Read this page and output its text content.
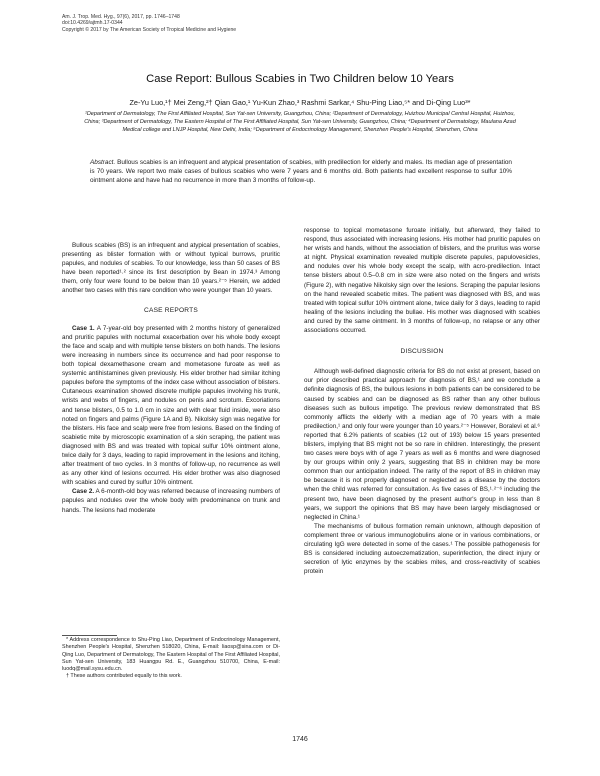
Am. J. Trop. Med. Hyg., 97(6), 2017, pp. 1746–1748
doi:10.4269/ajtmh.17-0344
Copyright © 2017 by The American Society of Tropical Medicine and Hygiene
Case Report: Bullous Scabies in Two Children below 10 Years
Ze-Yu Luo,¹† Mei Zeng,²† Qian Gao,¹ Yu-Kun Zhao,³ Rashmi Sarkar,⁴ Shu-Ping Liao,⁵* and Di-Qing Luo³*
¹Department of Dermatology, The First Affiliated Hospital, Sun Yat-sen University, Guangzhou, China; ²Department of Dermatology, Huizhou Municipal Central Hospital, Huizhou, China; ³Department of Dermatology, The Eastern Hospital of The First Affiliated Hospital, Sun Yat-sen University, Guangzhou, China; ⁴Department of Dermatology, Maulana Azad Medical college and LNJP Hospital, New Delhi, India; ⁵Department of Endocrinology Management, Shenzhen People's Hospital, Shenzhen, China
Abstract. Bullous scabies is an infrequent and atypical presentation of scabies, with predilection for elderly and males. Its median age of presentation is 70 years. We report two male cases of bullous scabies who were 7 years and 6 months old. Both patients had excellent response to sulfur 10% ointment alone and have had no recurrence in more than 3 months of follow-up.

Bullous scabies (BS) is an infrequent and atypical presentation of scabies, presenting as blister formation with or without typical burrows, pruritic papules, and nodules of scabies. To our knowledge, less than 50 cases of BS have been reported¹˒² since its first description by Bean in 1974.³ Among them, only four were found to be below than 10 years.²⁻⁵ Herein, we added another two cases with this rare condition who were younger than 10 years.

CASE REPORTS

Case 1. A 7-year-old boy presented with 2 months history of generalized and pruritic papules with nocturnal exacerbation over his whole body except the face and scalp and with multiple tense blisters on both hands. The lesions were increasing in numbers since its occurrence and had poor response to both topical dexamethasone cream and mometasone furoate as well as systemic antihistamines given previously. His elder brother had similar itching papules before the symptoms of the index case without association of blisters. Cutaneous examination showed discrete multiple papules involving his trunk, wrists and webs of fingers, and nodules on penis and scrotum. Excoriations and tense blisters, 0.5 to 1.0 cm in size and with clear fluid inside, were also noted on fingers and palms (Figure 1A and B). Nikolsky sign was negative for the blisters. His face and scalp were free from lesions. Based on the finding of scabietic mite by microscopic examination of a skin scraping, the patient was diagnosed with BS and was treated with topical sulfur 10% ointment alone, twice daily for 3 days, leading to rapid improvement in the lesions and itching, after treatment of two cycles. In 3 months of follow-up, no recurrence as well as any other kind of lesions occurred. His elder brother was also diagnosed with scabies and cured by sulfur 10% ointment.

Case 2. A 6-month-old boy was referred because of increasing numbers of papules and nodules over the whole body with predominance on trunk and hands. The lesions had moderate

* Address correspondence to Shu-Ping Liao, Department of Endocrinology Management, Shenzhen People's Hospital, Shenzhen 518020, China, E-mail: liaosp@sina.com or Di-Qing Luo, Department of Dermatology, The Eastern Hospital of The First Affiliated Hospital, Sun Yat-sen University, 183 Huangpu Rd. E., Guangzhou 510700, China, E-mail: luodq@mail.sysu.edu.cn.

† These authors contributed equally to this work.

response to topical mometasone furoate initially, but afterward, they failed to respond, thus associated with increasing lesions. His mother had pruritic papules on her wrists and hands, without the association of blisters, and the pruritus was worse at night. Physical examination revealed multiple discrete papules, papulovesicles, and nodules over his whole body except the scalp, with acro-predilection. Intact tense blisters about 0.5–0.8 cm in size were also noted on the fingers and wrists (Figure 2), with negative Nikolsky sign over the lesions. Scraping the papular lesions on the hand revealed scabetic mites. The patient was diagnosed with BS, and was treated with topical sulfur 10% ointment alone, twice daily for 3 days, leading to rapid healing of the lesions including the bullae. His mother was diagnosed with scabies and cured by the same ointment. In 3 months of follow-up, no relapse or any other associations occurred.

DISCUSSION

Although well-defined diagnostic criteria for BS do not exist at present, based on our prior described practical approach for diagnosis of BS,¹ and we conclude a definite diagnosis of BS, the bullous lesions in both patients can be considered to be caused by scabies and can be diagnosed as BS rather than any other bullous diseases such as bullous impetigo. The previous review demonstrated that BS commonly afflicts the elderly with a median age of 70 years with a male predilection,¹ and only four were younger than 10 years.²⁻⁵ However, Boralevi et al.⁶ reported that 6.2% patients of scabies (12 out of 193) below 15 years presented blisters, implying that BS might not be so rare in children. Interestingly, the present two cases were boys with of age 7 years as well as 6 months and were diagnosed by our groups within only 2 years, suggesting that BS in children may be more common than our anticipation indeed. The rarity of the report of BS in children may be because it is not properly diagnosed or neglected as a disease by the doctors when the child was referred for consultation. As five cases of BS,¹˒²⁻⁶ including the present two, have been diagnosed by the present author's group in less than 8 years, we support the opinions that BS may have been largely misdiagnosed or neglected in China.¹

The mechanisms of bullous formation remain unknown, although deposition of complement three or various immunoglobulins alone or in various combinations, or circulating IgG were detected in some of the cases.¹ The possible pathogenesis for BS is considered including autoeczematization, superinfection, the direct injury or secretion of lytic enzymes by the scabies mites, and cross-reactivity of scabies protein

1746
